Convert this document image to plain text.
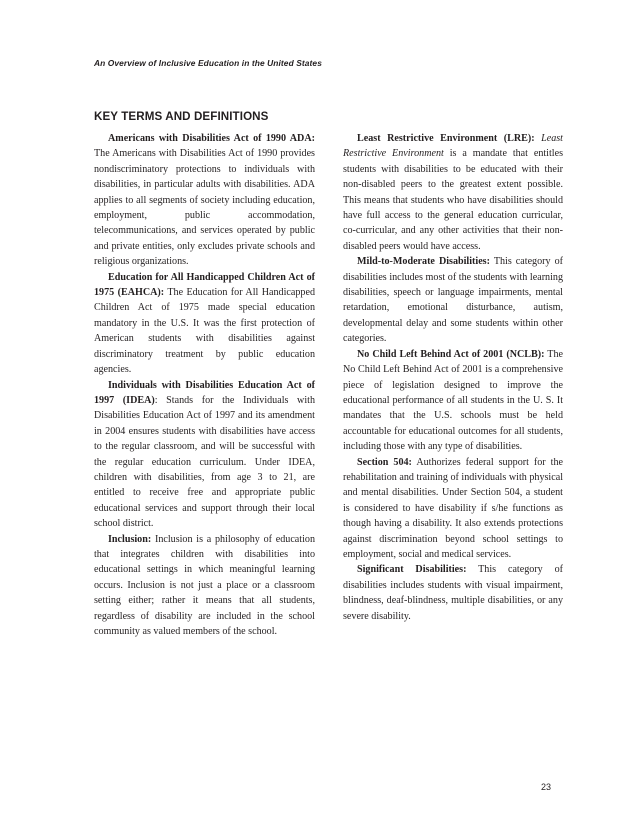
An Overview of Inclusive Education in the United States
KEY TERMS AND DEFINITIONS

Americans with Disabilities Act of 1990 ADA: The Americans with Disabilities Act of 1990 provides nondiscriminatory protections to individuals with disabilities, in particular adults with disabilities. ADA applies to all segments of society including education, employment, public accommodation, telecommunications, and services operated by public and private entities, only excludes private schools and religious organizations.

Education for All Handicapped Children Act of 1975 (EAHCA): The Education for All Handicapped Children Act of 1975 made special education mandatory in the U.S. It was the first protection of American students with disabilities against discriminatory treatment by public education agencies.

Individuals with Disabilities Education Act of 1997 (IDEA): Stands for the Individuals with Disabilities Education Act of 1997 and its amendment in 2004 ensures students with disabilities have access to the regular classroom, and will be successful with the regular education curriculum. Under IDEA, children with disabilities, from age 3 to 21, are entitled to receive free and appropriate public educational services and support through their local school district.

Inclusion: Inclusion is a philosophy of education that integrates children with disabilities into educational settings in which meaningful learning occurs. Inclusion is not just a place or a classroom setting either; rather it means that all students, regardless of disability are included in the school community as valued members of the school.

Least Restrictive Environment (LRE): Least Restrictive Environment is a mandate that entitles students with disabilities to be educated with their non-disabled peers to the greatest extent possible. This means that students who have disabilities should have full access to the general education curricular, co-curricular, and any other activities that their non-disabled peers would have access.

Mild-to-Moderate Disabilities: This category of disabilities includes most of the students with learning disabilities, speech or language impairments, mental retardation, emotional disturbance, autism, developmental delay and some students within other categories.

No Child Left Behind Act of 2001 (NCLB): The No Child Left Behind Act of 2001 is a comprehensive piece of legislation designed to improve the educational performance of all students in the U. S. It mandates that the U.S. schools must be held accountable for educational outcomes for all students, including those with any type of disabilities.

Section 504: Authorizes federal support for the rehabilitation and training of individuals with physical and mental disabilities. Under Section 504, a student is considered to have disability if s/he functions as though having a disability. It also extends protections against discrimination beyond school settings to employment, social and medical services.

Significant Disabilities: This category of disabilities includes students with visual impairment, blindness, deaf-blindness, multiple disabilities, or any severe disability.

23
